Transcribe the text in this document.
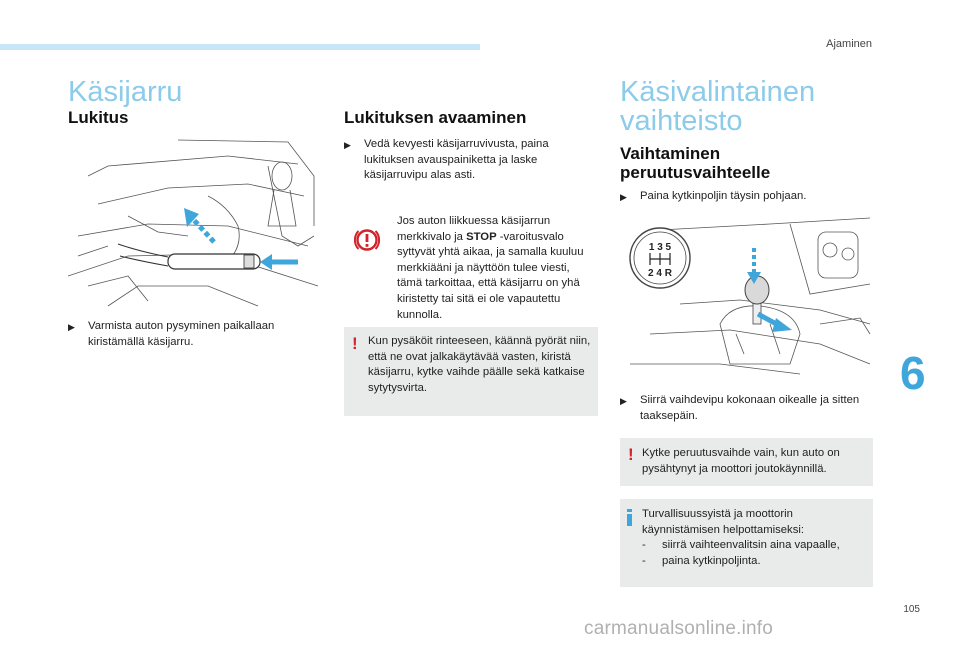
Ajaminen
6
105
carmanualsonline.info
Käsijarru
Lukitus
▶	Varmista auton pysyminen paikallaan kiristämällä käsijarru.
Lukituksen avaaminen
▶	Vedä kevyesti käsijarruvivusta, paina lukituksen avauspainiketta ja laske käsijarruvipu alas asti.
Jos auton liikkuessa käsijarrun merkkivalo ja STOP -varoitusvalo syttyvät yhtä aikaa, ja samalla kuuluu merkkiääni ja näyttöön tulee viesti, tämä tarkoittaa, että käsijarru on yhä kiristetty tai sitä ei ole vapautettu kunnolla.
! Kun pysäköit rinteeseen, käännä pyörät niin, että ne ovat jalkakäytävää vasten, kiristä käsijarru, kytke vaihde päälle sekä katkaise sytytysvirta.
Käsivalintainen
vaihteisto
Vaihtaminen
peruutusvaihteelle
▶	Paina kytkinpoljin täysin pohjaan.
1 3 5
2 4 R
▶	Siirrä vaihdevipu kokonaan oikealle ja sitten taaksepäin.
! Kytke peruutusvaihde vain, kun auto on pysähtynyt ja moottori joutokäynnillä.
Turvallisuussyistä ja moottorin käynnistämisen helpottamiseksi:
-	siirrä vaihteenvalitsin aina vapaalle,
-	paina kytkinpoljinta.
